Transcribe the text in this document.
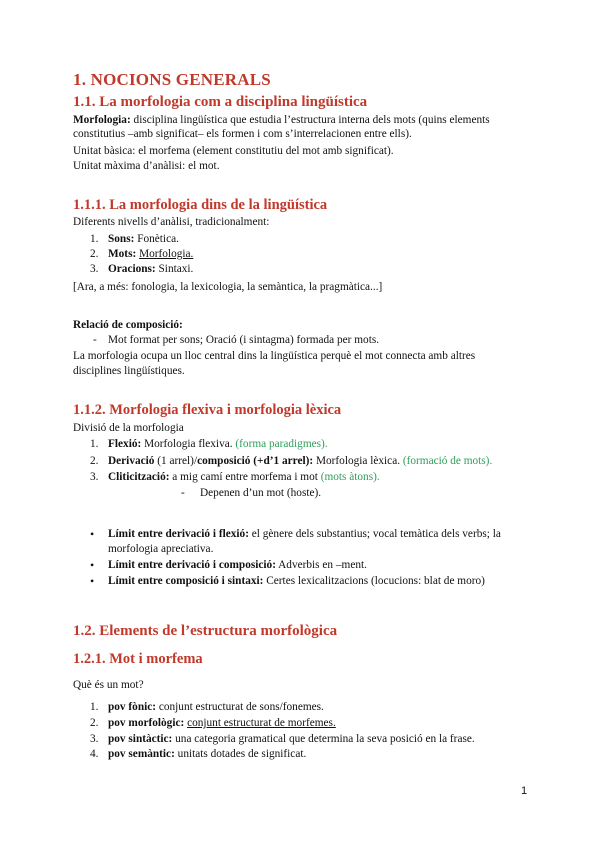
1. NOCIONS GENERALS
1.1. La morfologia com a disciplina lingüística
Morfologia: disciplina lingüística que estudia l’estructura interna dels mots (quins elements
constitutius –amb significat– els formen i com s’interrelacionen entre ells).
Unitat bàsica: el morfema (element constitutiu del mot amb significat).
Unitat màxima d’anàlisi: el mot.
1.1.1. La morfologia dins de la lingüística
Diferents nivells d’anàlisi, tradicionalment:
1. Sons: Fonètica.
2. Mots: Morfologia.
3. Oracions: Sintaxi.
[Ara, a més: fonologia, la lexicologia, la semàntica, la pragmàtica...]
Relació de composició:
- Mot format per sons; Oració (i sintagma) formada per mots.
La morfologia ocupa un lloc central dins la lingüística perquè el mot connecta amb altres
disciplines lingüístiques.
1.1.2. Morfologia flexiva i morfologia lèxica
Divisió de la morfologia
1. Flexió: Morfologia flexiva. (forma paradigmes).
2. Derivació (1 arrel)/composició (+d’1 arrel): Morfologia lèxica. (formació de mots).
3. Cliticització: a mig camí entre morfema i mot (mots àtons).
- Depenen d’un mot (hoste).
• Límit entre derivació i flexió: el gènere dels substantius; vocal temàtica dels verbs; la
morfologia apreciativa.
• Límit entre derivació i composició: Adverbis en –ment.
• Límit entre composició i sintaxi: Certes lexicalitzacions (locucions: blat de moro)
1.2. Elements de l’estructura morfològica
1.2.1. Mot i morfema
Què és un mot?
1. pov fònic: conjunt estructurat de sons/fonemes.
2. pov morfològic: conjunt estructurat de morfemes.
3. pov sintàctic: una categoria gramatical que determina la seva posició en la frase.
4. pov semàntic: unitats dotades de significat.
1
